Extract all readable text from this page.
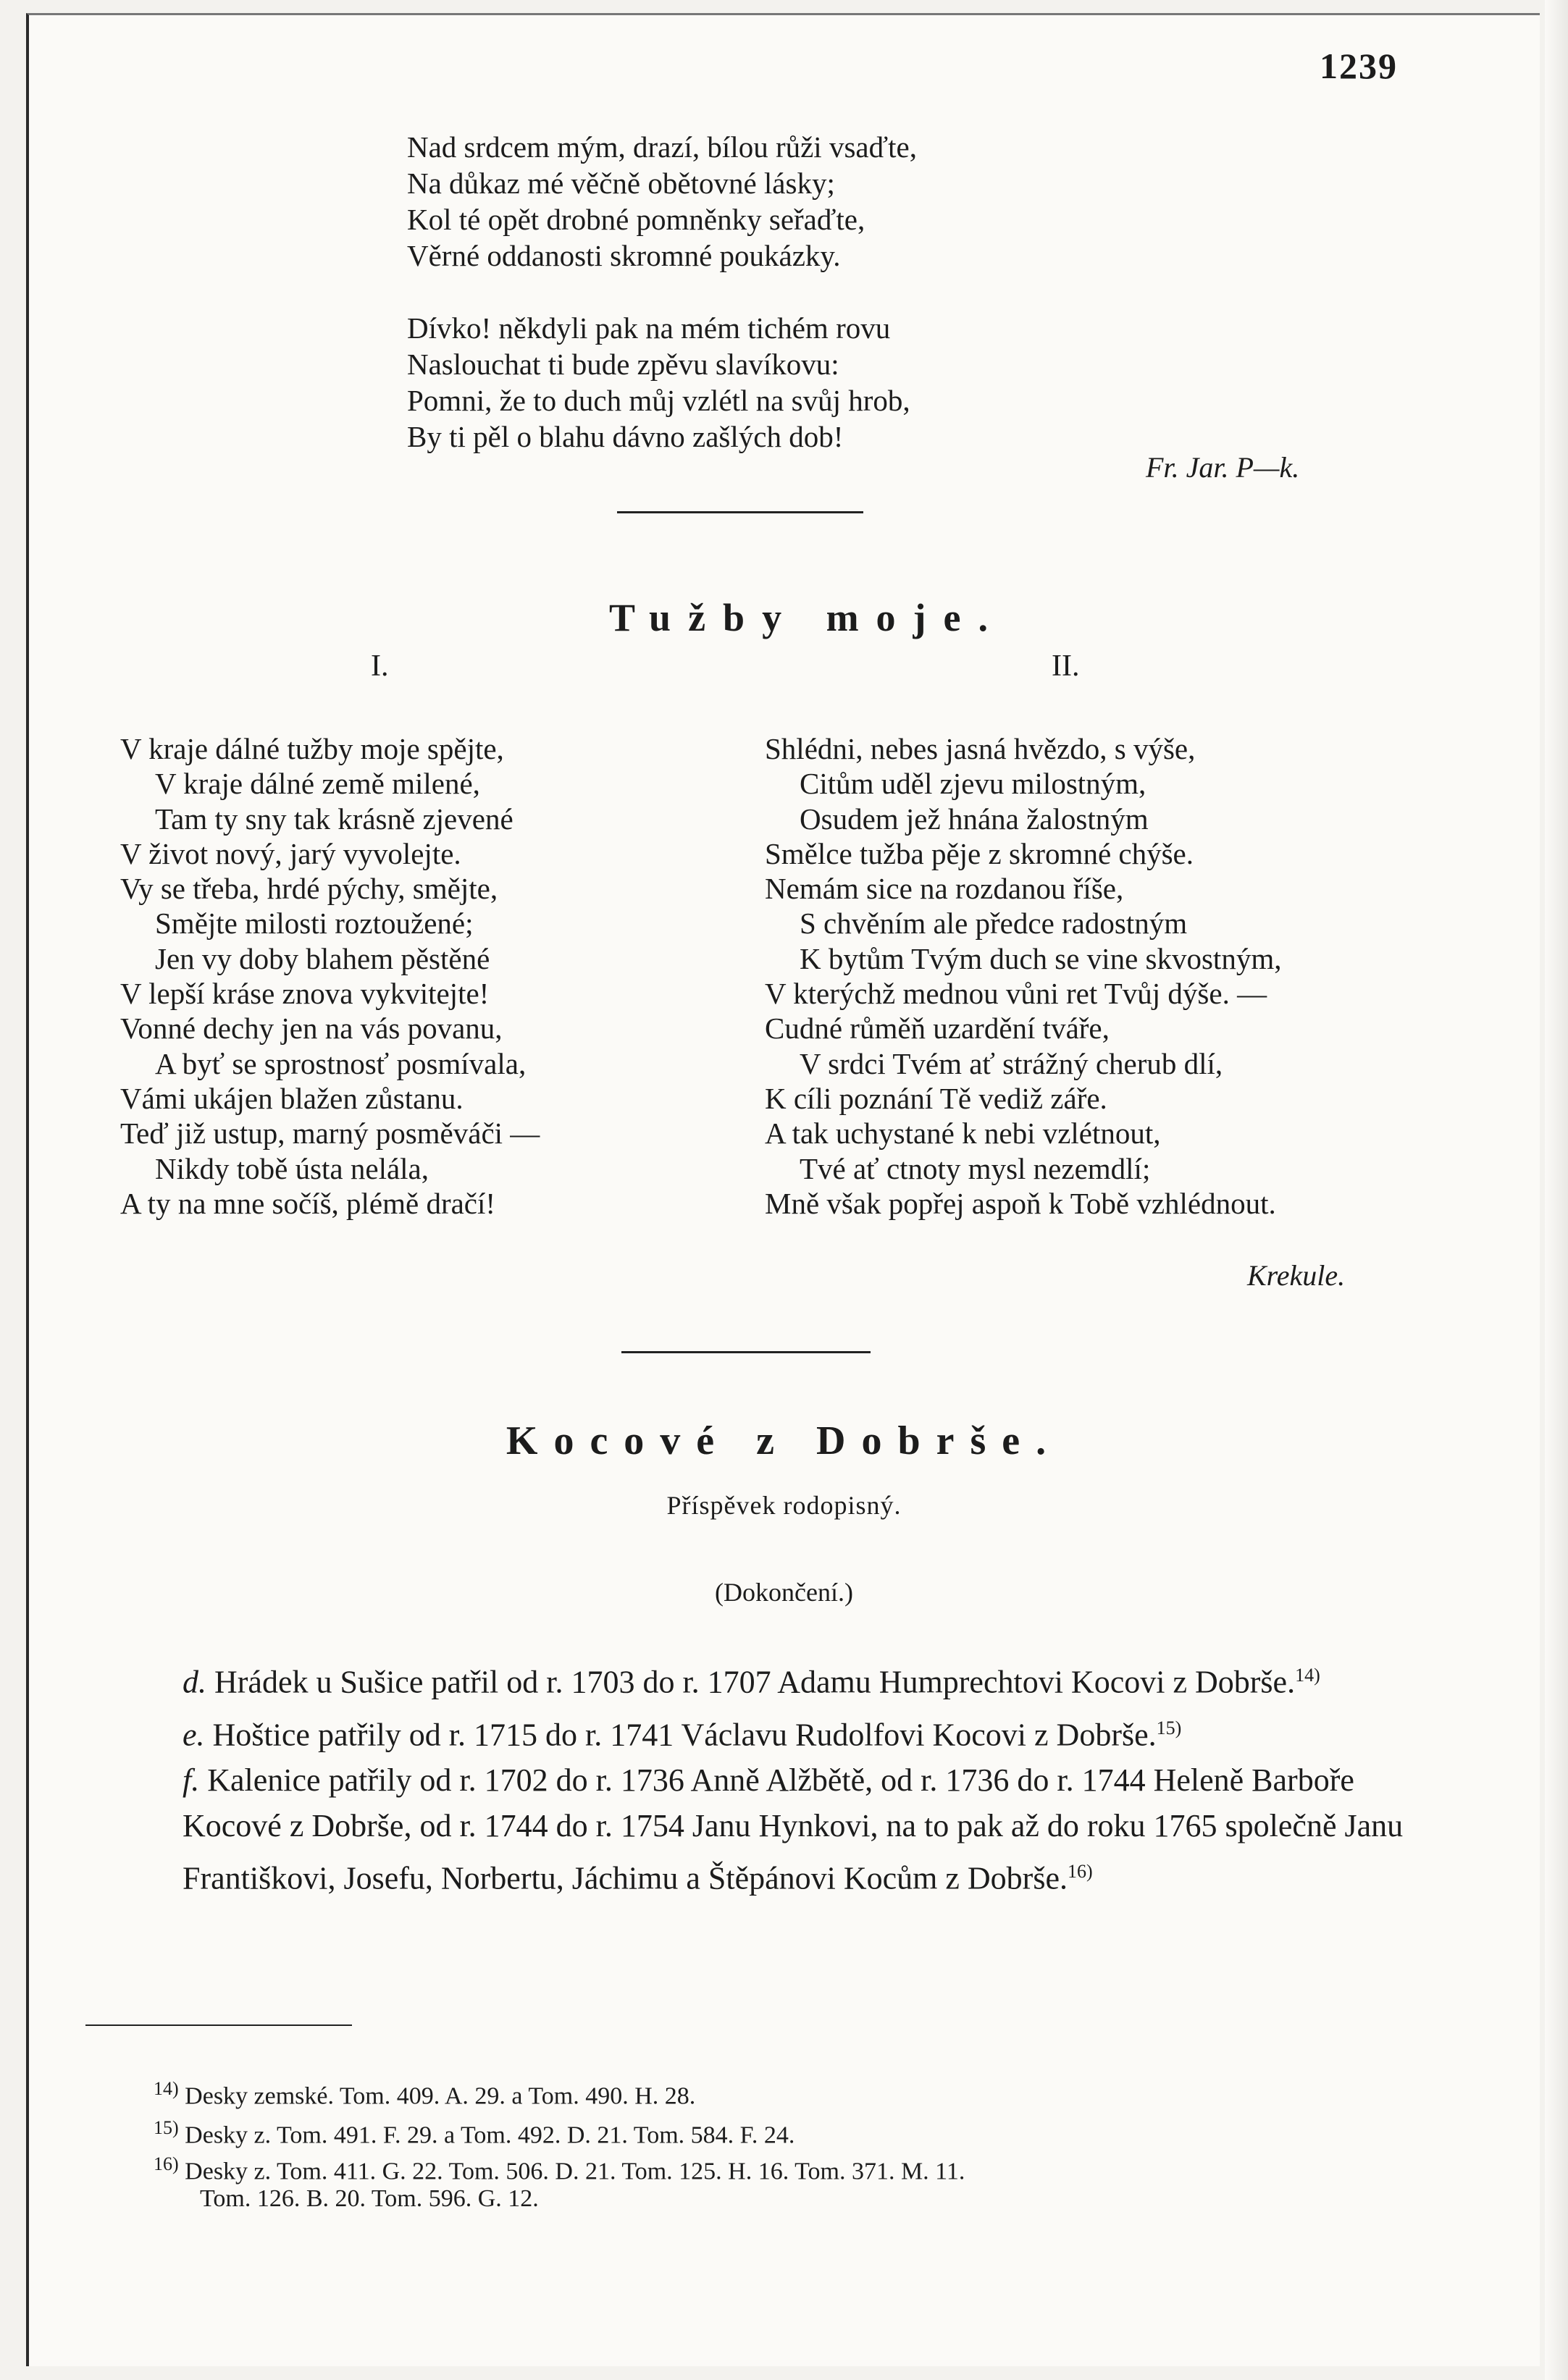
1239
Nad srdcem mým, drazí, bílou růži vsaďte,
Na důkaz mé věčně obětovné lásky;
Kol té opět drobné pomněnky seřaďte,
Věrné oddanosti skromné poukázky.
Dívko! někdyli pak na mém tichém rovu
Naslouchat ti bude zpěvu slavíkovu:
Pomni, že to duch můj vzlétl na svůj hrob,
By ti pěl o blahu dávno zašlých dob!
Fr. Jar. P—k.
Tužby moje.
I.	II.
V kraje dálné tužby moje spějte,
V kraje dálné země milené,
Tam ty sny tak krásně zjevené
V život nový, jarý vyvolejte.
Vy se třeba, hrdé pýchy, smějte,
Smějte milosti roztoužené;
Jen vy doby blahem pěstěné
V lepší kráse znova vykvitejte!
Vonné dechy jen na vás povanu,
A byť se sprostnosť posmívala,
Vámi ukájen blažen zůstanu.
Teď již ustup, marný posměváči —
Nikdy tobě ústa nelála,
A ty na mne sočíš, plémě dračí!
Shlédni, nebes jasná hvězdo, s výše,
Citům uděl zjevu milostným,
Osudem jež hnána žalostným
Smělce tužba pěje z skromné chýše.
Nemám sice na rozdanou říše,
S chvěním ale předce radostným
K bytům Tvým duch se vine skvostným,
V kterýchž mednou vůni ret Tvůj dýše. —
Cudné růměň uzardění tváře,
V srdci Tvém ať strážný cherub dlí,
K cíli poznání Tě vediž záře.
A tak uchystané k nebi vzlétnout,
Tvé ať ctnoty mysl nezemdlí;
Mně však popřej aspoň k Tobě vzhlédnout.
Krekule.
Kocové z Dobrše.
Příspěvek rodopisný.
(Dokončení.)

d. Hrádek u Sušice patřil od r. 1703 do r. 1707 Adamu Humprechtovi Kocovi z Dobrše.$^{14)}$

e. Hoštice patřily od r. 1715 do r. 1741 Václavu Rudolfovi Kocovi z Dobrše.$^{15)}$

f. Kalenice patřily od r. 1702 do r. 1736 Anně Alžbětě, od r. 1736 do r. 1744 Heleně Barboře Kocové z Dobrše, od r. 1744 do r. 1754 Janu Hynkovi, na to pak až do roku 1765 společně Janu Františkovi, Josefu, Norbertu, Jáchimu a Štěpánovi Kocům z Dobrše.$^{16)}$

$^{14)}$ Desky zemské. Tom. 409. A. 29. a Tom. 490. H. 28.
$^{15)}$ Desky z. Tom. 491. F. 29. a Tom. 492. D. 21. Tom. 584. F. 24.
$^{16)}$ Desky z. Tom. 411. G. 22. Tom. 506. D. 21. Tom. 125. H. 16. Tom. 371. M. 11.
Tom. 126. B. 20. Tom. 596. G. 12.
